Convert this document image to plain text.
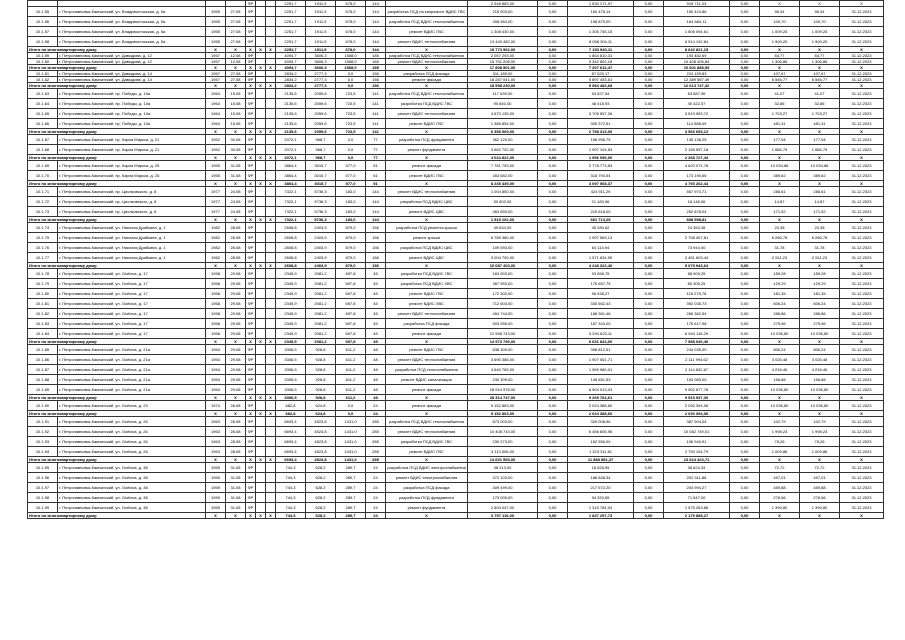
				ФР			2251,7	1911,5	678,0	144		2 548 883,00	0,00	1 630 171,97	0,00	918 711,03	0,00	X	X	X
10.1.55	г. Петропавловск-Камчатский, ул. Владивостокская, д. 5а	1955	27.08	ФР			2251,7	1911,5	678,0	144	разработка ПСД на капремонт ВДИС ГВС	215 903,00	0,00	160 478,14	0,00	155 424,86	0,00	96,34	96,34	31.12.2023
10.1.56	г. Петропавловск-Камчатский, ул. Владивостокская, д. 5а	1955	27.08	ФР			2251,7	1911,5	678,0	144	разработка ПСД ВДИС теплоснабжения	308 964,00	0,00	198 879,00	0,00	164 584,11	0,00	109,70	109,70	31.12.2023
10.1.57	г. Петропавловск-Камчатский, ул. Владивостокская, д. 5а	1955	27.08	ФР			2251,7	1911,5	678,0	144	ремонт ВДИС ГВС	1 308 430,00	0,00	1 305 745,15	0,00	1 806 094,61	0,00	1 009,25	1 009,25	31.12.2023
10.1.58	г. Петропавловск-Камчатский, ул. Владивостокская, д. 5а	1955	27.08	ФР			2251,7	1911,5	678,0	144	ремонт ВДИС теплоснабжения	13 440 482,00	0,00	8 058 304,11	0,00	6 514 192,84	0,00	1 909,20	1 909,20	31.12.2023
Итого по многоквартирному дому:		X	X	X	X	X	2251,7	1911,5	678,0	144	X	15 773 962,00	0,00	7 153 940,11	0,00	8 642 821,15	0,00	X	X	X
10.1.59	г. Петропавловск-Камчатский, ул. Давыдова, д. 12	1957	12.08	ФР			4094,7	3606,3	1568,0	185	разработка ПСД ВДИС теплоснабжения	2 057 293,00	0,00	1 864 810,31	0,00	193 482,69	0,00	84,77	84,77	31.12.2023
10.1.60	г. Петропавловск-Камчатский, ул. Давыдова, д. 12	1957	12.08	ФР			4094,7	3606,3	1568,0	185	ремонт ВДИС теплоснабжения	15 751 208,00	0,00	5 342 802,16	0,00	10 408 405,84	0,00	1 306,86	1 306,86	31.12.2023
Итого по многоквартирному дому:		X	X	X	X	X	4094,7	3606,3	1568,0	185	X	17 808 501,00	0,00	7 207 612,47	0,00	10 601 888,53	0,00	X	X	X
10.1.61	г. Петропавловск-Камчатский, ул. Давыдова, д. 14	1957	27.08	ФР			2834,2	2777,3	0,0	156	разработка ПСД фасада	311 189,00	0,00	87 029,17	0,00	224 159,83	0,00	107,67	107,67	31.12.2023
10.1.62	г. Петропавловск-Камчатский, ул. Давыдова, д. 14	1957	27.08	ФР			2834,2	2777,3	0,0	156	ремонт фасада	18 287 041,00	0,00	5 897 453,51	0,00	12 389 587,49	0,00	6 546,77	6 546,77	31.12.2023
Итого по многоквартирному дому:		X	X	X	X	X	2834,2	2777,3	0,0	156	X	18 598 230,00	0,00	5 984 482,68	0,00	12 613 747,32	0,00	X	X	X
10.1.63	г. Петропавловск-Камчатский, пр. Победы, д. 10а	1964	15.08	ФР			2135,6	2059,6	723,5	141	разработка ПСД ВДИС теплоснабжения	117 639,00	0,00	53 527,54	0,00	63 587,96	0,00	41,07	41,07	31.12.2023
10.1.64	г. Петропавловск-Камчатский, пр. Победы, д. 10а	1964	15.08	ФР			2135,6	2059,6	723,5	141	разработка ПСД ВДИС ГВС	90 840,00	0,00	48 418,93	0,00	40 422,07	0,00	32,86	32,86	31.12.2023
10.1.65	г. Петропавловск-Камчатский, пр. Победы, д. 10а	1964	15.08	ФР			2135,6	2059,6	723,5	141	ремонт ВДИС теплоснабжения	4 670 135,00	0,00	3 709 557,26	0,00	3 519 953,72	0,00	1 703,27	1 703,27	31.12.2023
10.1.66	г. Петропавловск-Камчатский, пр. Победы, д. 10а	1964	15.08	ФР			2135,6	2059,6	723,5	141	ремонт ВДИС ГВС	1 389 854,00	0,00	305 372,51	0,00	114 588,49	0,00	481,31	481,31	31.12.2023
Итого по многоквартирному дому:		X	X	X	X	X	2135,6	2059,6	723,5	141	X	6 358 969,00	0,00	2 798 313,00	0,00	3 566 653,12	0,00	X	X	X
10.1.67	г. Петропавловск-Камчатский, пр. Карла Маркса, д. 21	1952	30.08	ФР			2072,1	968,7	0,0	77	разработка ПСД фундамента	362 120,00	0,00	198 998,75	0,00	135 136,25	0,00	177,94	177,94	31.12.2023
10.1.68	г. Петропавловск-Камчатский, пр. Карла Маркса, д. 21	1952	30.08	ФР			2072,1	968,7	0,0	77	ремонт фундамента	3 662 702,00	0,00	1 997 104,83	0,00	2 155 597,18	0,00	1 686,79	1 686,79	31.12.2023
Итого по многоквартирному дому:		X	X	X	X	X	2072,1	968,7	0,0	77	X	4 024 822,00	0,00	1 996 096,00	0,00	2 268 727,44	0,00	X	X	X
10.1.69	г. Петропавловск-Камчатский, пр. Карла Маркса, д. 25	1955	31.08	ФР			3864,4	3015,7	577,0	51	ремонт фасада	7 781 753,00	0,00	2 778 773,83	0,00	4 620 071,78	0,00	10 034,86	10 034,86	31.12.2023
10.1.70	г. Петропавловск-Камчатский, пр. Карла Маркса, д. 25	1955	31.08	ФР			3864,4	3015,7	577,0	51	ремонт ВДИС ГВС	453 682,00	0,00	318 794,54	0,00	173 190,66	0,00	389,62	389,62	31.12.2023
Итого по многоквартирному дому:		X	X	X	X	X	3864,4	3015,7	577,0	51	X	8 235 435,00	0,00	3 097 568,37	0,00	4 793 262,44	0,00	X	X	X
10.1.71	г. Петропавловск-Камчатский, пр. Циолковского, д. 8	1977	24.08	ФР			7322,1	5736,3	183,0	144	ремонт ВДИС теплоснабжения	1 004 850,00	0,00	424 911,29	0,00	567 974,71	0,00	288,61	288,61	31.12.2023
10.1.72	г. Петропавловск-Камчатский, пр. Циолковского, д. 8	1977	24.08	ФР			7322,1	5736,3	183,0	144	разработка ПСД ВДИС ЦВС	50 602,00	0,00	21 183,96	0,00	18 146,06	0,00	14,87	14,87	31.12.2023
10.1.73	г. Петропавловск-Камчатский, пр. Циолковского, д. 8	1977	24.08	ФР			7322,1	5736,3	183,0	144	ремонт ВДИС ЦВС	463 650,00	0,00	215 618,00	0,00	252 878,04	0,00	171,52	171,52	31.12.2023
Итого по многоквартирному дому:		X	X	X	X	X	7322,1	5736,3	183,0	144	X	1 519 102,00	0,00	661 713,25	0,00	838 998,81	0,00	X	X	X
10.1.74	г. Петропавловск-Камчатский, ул. Николая Драбкина, д. 1	1982	28.08	ФР			2608,8	2403,9	879,0	156	разработка ПСД ремонта крыши	49 634,00	0,00	45 280,62	0,00	24 353,38	0,00	20,38	20,38	31.12.2023
10.1.75	г. Петропавловск-Камчатский, ул. Николая Драбкина, д. 1	1982	28.08	ФР			2608,8	2403,9	879,0	156	ремонт крыши	6 789 380,00	0,00	1 997 569,13	0,00	2 758 407,81	0,00	6 266,78	6 266,78	31.12.2023
10.1.76	г. Петропавловск-Камчатский, ул. Николая Драбкина, д. 1	1982	28.08	ФР			2608,8	2403,9	879,0	156	разработка ПСД ВДИС ЦВС	109 593,00	0,00	64 115,94	0,00	73 944,00	0,00	31,78	31,78	31.12.2023
10.1.77	г. Петропавловск-Камчатский, ул. Николая Драбкина, д. 1	1982	28.08	ФР			2608,8	2403,9	879,0	156	ремонт ВДИС ЦВС	3 004 790,00	0,00	1 571 834,95	0,00	2 451 603,44	0,00	2 511,23	2 511,23	31.12.2023
Итого по многоквартирному дому:		X	X	X	X	X	2608,8	2403,9	879,0	156	X	10 087 403,00	0,00	4 248 322,46	0,00	5 079 943,64	0,00	X	X	X
10.1.78	г. Петропавловск-Камчатский, ул. Océlova, д. 17	1958	29.08	ФР			2345,9	2081,2	697,8	45	разработка ПСД ВДИС ГВС	163 903,00	0,00	93 658,75	0,00	88 909,25	0,00	159,28	159,28	31.12.2023
10.1.79	г. Петропавловск-Камчатский, ул. Océlova, д. 17	1958	29.08	ФР			2345,9	2081,2	697,8	45	разработка ПСД ВДИС ХВС	367 953,00	0,00	176 657,75	0,00	80 305,25	0,00	129,29	129,29	31.12.2023
10.1.80	г. Петропавловск-Камчатский, ул. Océlova, д. 17	1958	29.08	ФР			2345,9	2081,2	697,8	45	ремонт ВДИС ГВС	172 302,00	0,00	96 938,27	0,00	116 279,78	0,00	181,35	181,35	31.12.2023
10.1.81	г. Петропавловск-Камчатский, ул. Océlova, д. 17	1958	29.08	ФР			2345,9	2081,2	697,8	45	ремонт ВДИС ХВС	712 603,00	0,00	330 662,43	0,00	392 035,73	0,00	606,24	606,24	31.12.2023
10.1.82	г. Петропавловск-Камчатский, ул. Océlova, д. 17	1958	29.08	ФР			2345,9	2081,2	697,8	45	ремонт ВДИС теплоснабжения	454 744,00	0,00	188 361,46	0,00	266 382,54	0,00	286,86	286,86	31.12.2023
10.1.83	г. Петропавловск-Камчатский, ул. Océlova, д. 17	1958	29.08	ФР			2345,9	2081,2	697,8	45	разработка ПСД фасада	503 956,00	0,00	167 343,00	0,00	176 617,98	0,00	275,96	275,96	31.12.2023
10.1.84	г. Петропавловск-Камчатский, ул. Océlova, д. 17	1958	29.08	ФР			2345,9	2081,2	697,8	45	ремонт фасада	12 598 743,00	0,00	5 294 623,11	0,00	6 944 118,29	0,00	10 036,80	10 036,80	31.12.2023
Итого по многоквартирному дому:		X	X	X	X	X	2345,9	2081,2	697,8	45	X	14 973 796,00	0,00	6 631 844,00	0,00	7 988 040,40	0,00	X	X	X
10.1.85	г. Петропавловск-Камчатский, ул. Océlova, д. 21а	1954	29.08	ФР			3306,5	928,8	611,2	48	ремонт ВДИС ГВС	838 309,00	0,00	398 812,51	0,00	244 035,00	0,00	806,24	806,24	31.12.2023
10.1.86	г. Петропавловск-Камчатский, ул. Océlova, д. 21а	1954	29.08	ФР			3306,5	928,8	611,2	48	ремонт ВДИС теплоснабжения	3 690 386,00	0,00	1 907 061,71	0,00	2 111 994,62	0,00	3 026,48	3 026,48	31.12.2023
10.1.87	г. Петропавловск-Камчатский, ул. Océlova, д. 21а	1954	29.08	ФР			3306,5	928,8	611,2	48	разработка ПСД теплоснабжения	4 640 765,00	0,00	1 959 980,01	0,00	2 114 832,67	0,00	4 216,46	4 216,46	31.12.2023
10.1.88	г. Петропавловск-Камчатский, ул. Océlova, д. 21а	1954	29.08	ФР			3306,5	928,8	611,2	48	ремонт ВДИС канализации	230 309,00	0,00	145 651,53	0,00	194 083,00	0,00	166,88	166,88	31.12.2023
10.1.89	г. Петропавловск-Камчатский, ул. Océlova, д. 21а	1954	29.08	ФР			3306,5	928,8	611,2	48	ремонт фасада	18 914 978,00	0,00	6 904 913,03	0,00	9 952 877,78	0,00	10 036,80	10 036,80	31.12.2023
Итого по многоквартирному дому:		X	X	X	X	X	3306,5	928,8	611,2	48	X	28 314 747,00	0,00	9 269 764,61	0,00	9 519 937,30	0,00	X	X	X
10.1.90	г. Петропавловск-Камчатский, ул. Océlova, д. 23	1974	26.08	ФР			682,8	624,8	0,0	24	ремонт фасада	5 152 863,00	0,00	2 024 388,60	0,00	2 030 394,06	0,00	10 036,80	10 036,80	31.12.2023
Итого по многоквартирному дому:		X	X	X	X	X	682,8	624,8	0,0	24	X	5 152 863,00	0,00	2 024 388,60	0,00	2 030 394,06	0,00	X	X	X
10.1.91	г. Петропавловск-Камчатский, ул. Océlova, д. 26	1963	28.08	ФР			6693,4	4523,8	1431,0	285	разработка ПСД ВДИС теплоснабжения	673 003,00	0,00	325 008,96	0,00	387 904,04	0,00	102,79	102,79	31.12.2023
10.1.92	г. Петропавловск-Камчатский, ул. Océlova, д. 26	1963	28.08	ФР			6693,4	4523,8	1431,0	285	ремонт ВДИС теплоснабжения	10 408 743,00	0,00	6 456 605,96	0,00	10 082 749,01	0,00	1 998,23	1 998,23	31.12.2023
10.1.93	г. Петропавловск-Камчатский, ул. Océlova, д. 26	1963	28.08	ФР			6693,4	4523,8	1431,0	285	разработка ПСД ВДИС ГВС	239 273,00	0,00	162 556,00	0,00	196 940,91	0,00	78,26	78,26	31.12.2023
10.1.94	г. Петропавловск-Камчатский, ул. Océlova, д. 26	1963	28.08	ФР			6693,4	4523,8	1431,0	285	ремонт ВДИС ГВС	3 113 506,00	0,00	1 323 311,61	0,00	2 750 104,79	0,00	1 009,86	1 009,86	31.12.2023
Итого по многоквартирному дому:		X	X	X	X	X	6693,4	4523,8	1431,0	285	X	14 631 553,00	0,00	11 888 851,37	0,00	13 624 423,71	0,00	X	X	X
10.1.95	г. Петропавловск-Камчатский, ул. Océlova, д. 38	1959	31.08	ФР			744,3	628,2	289,7	24	разработка ПСД ВДИС электроснабжения	38 213,00	0,00	18 528,95	0,00	38 624,34	0,00	72,72	72,72	31.12.2023
10.1.96	г. Петропавловск-Камчатский, ул. Océlova, д. 38	1959	31.08	ФР			744,3	628,2	289,7	24	ремонт ВДИС электроснабжения	372 103,00	0,00	188 848,34	0,00	202 311,88	0,00	497,01	497,01	31.12.2023
10.1.97	г. Петропавловск-Камчатский, ул. Océlova, д. 38	1959	31.08	ФР			744,3	628,2	289,7	24	разработка ПСД фасада	409 499,00	0,00	217 572,20	0,00	204 994,27	0,00	459,88	459,88	31.12.2023
10.1.98	г. Петропавловск-Камчатский, ул. Océlova, д. 38	1959	31.08	ФР			744,3	628,2	289,7	24	разработка ПСД фундамента	173 000,00	0,00	94 320,65	0,00	71 547,00	0,00	278,96	278,96	31.12.2023
10.1.99	г. Петропавловск-Камчатский, ул. Océlova, д. 38	1959	31.08	ФР			744,3	628,2	289,7	24	ремонт фундамента	2 804 047,00	0,00	1 315 784,04	0,00	1 575 263,86	0,00	1 399,80	1 399,80	31.12.2023
Итого по многоквартирному дому:		X	X	X	X	X	744,3	628,2	289,7	24	X	3 797 116,00	0,00	1 837 297,73	0,00	2 179 888,27	0,00	X	X	X
